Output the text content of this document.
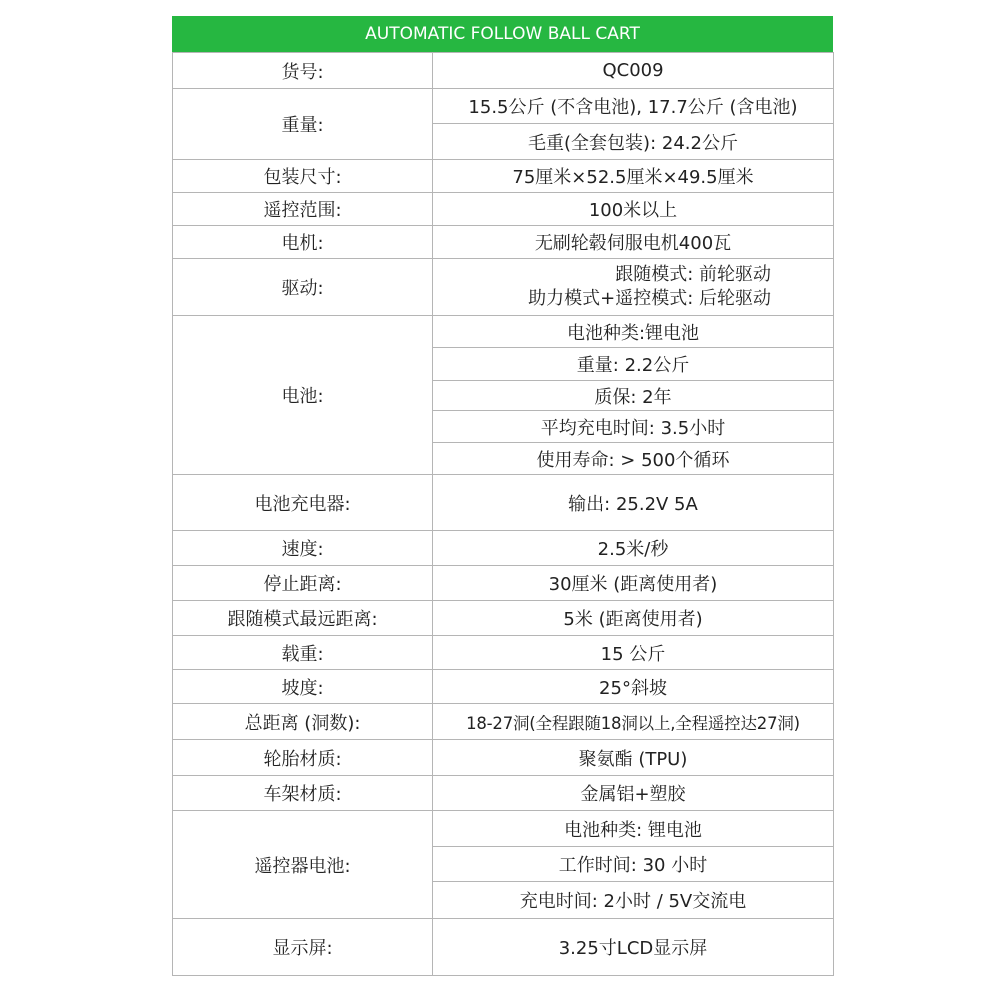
AUTOMATIC FOLLOW BALL CART
货号:	QC009
重量:	15.5公斤 (不含电池), 17.7公斤 (含电池)
	毛重(全套包装): 24.2公斤
包装尺寸:	75厘米×52.5厘米×49.5厘米
遥控范围:	100米以上
电机:	无刷轮毂伺服电机400瓦
驱动:	跟随模式: 前轮驱动
助力模式+遥控模式: 后轮驱动

电池:	电池种类:锂电池
	重量: 2.2公斤
	质保: 2年
	平均充电时间: 3.5小时
	使用寿命: > 500个循环
电池充电器:	输出: 25.2V 5A
速度:	2.5米/秒
停止距离:	30厘米 (距离使用者)
跟随模式最远距离:	5米 (距离使用者)
载重:	15 公斤
坡度:	25°斜坡
总距离 (洞数):	18-27洞(全程跟随18洞以上,全程遥控达27洞)
轮胎材质:	聚氨酯 (TPU)
车架材质:	金属铝+塑胶
遥控器电池:	电池种类: 锂电池
	工作时间: 30 小时
	充电时间: 2小时 / 5V交流电
显示屏:	3.25寸LCD显示屏
